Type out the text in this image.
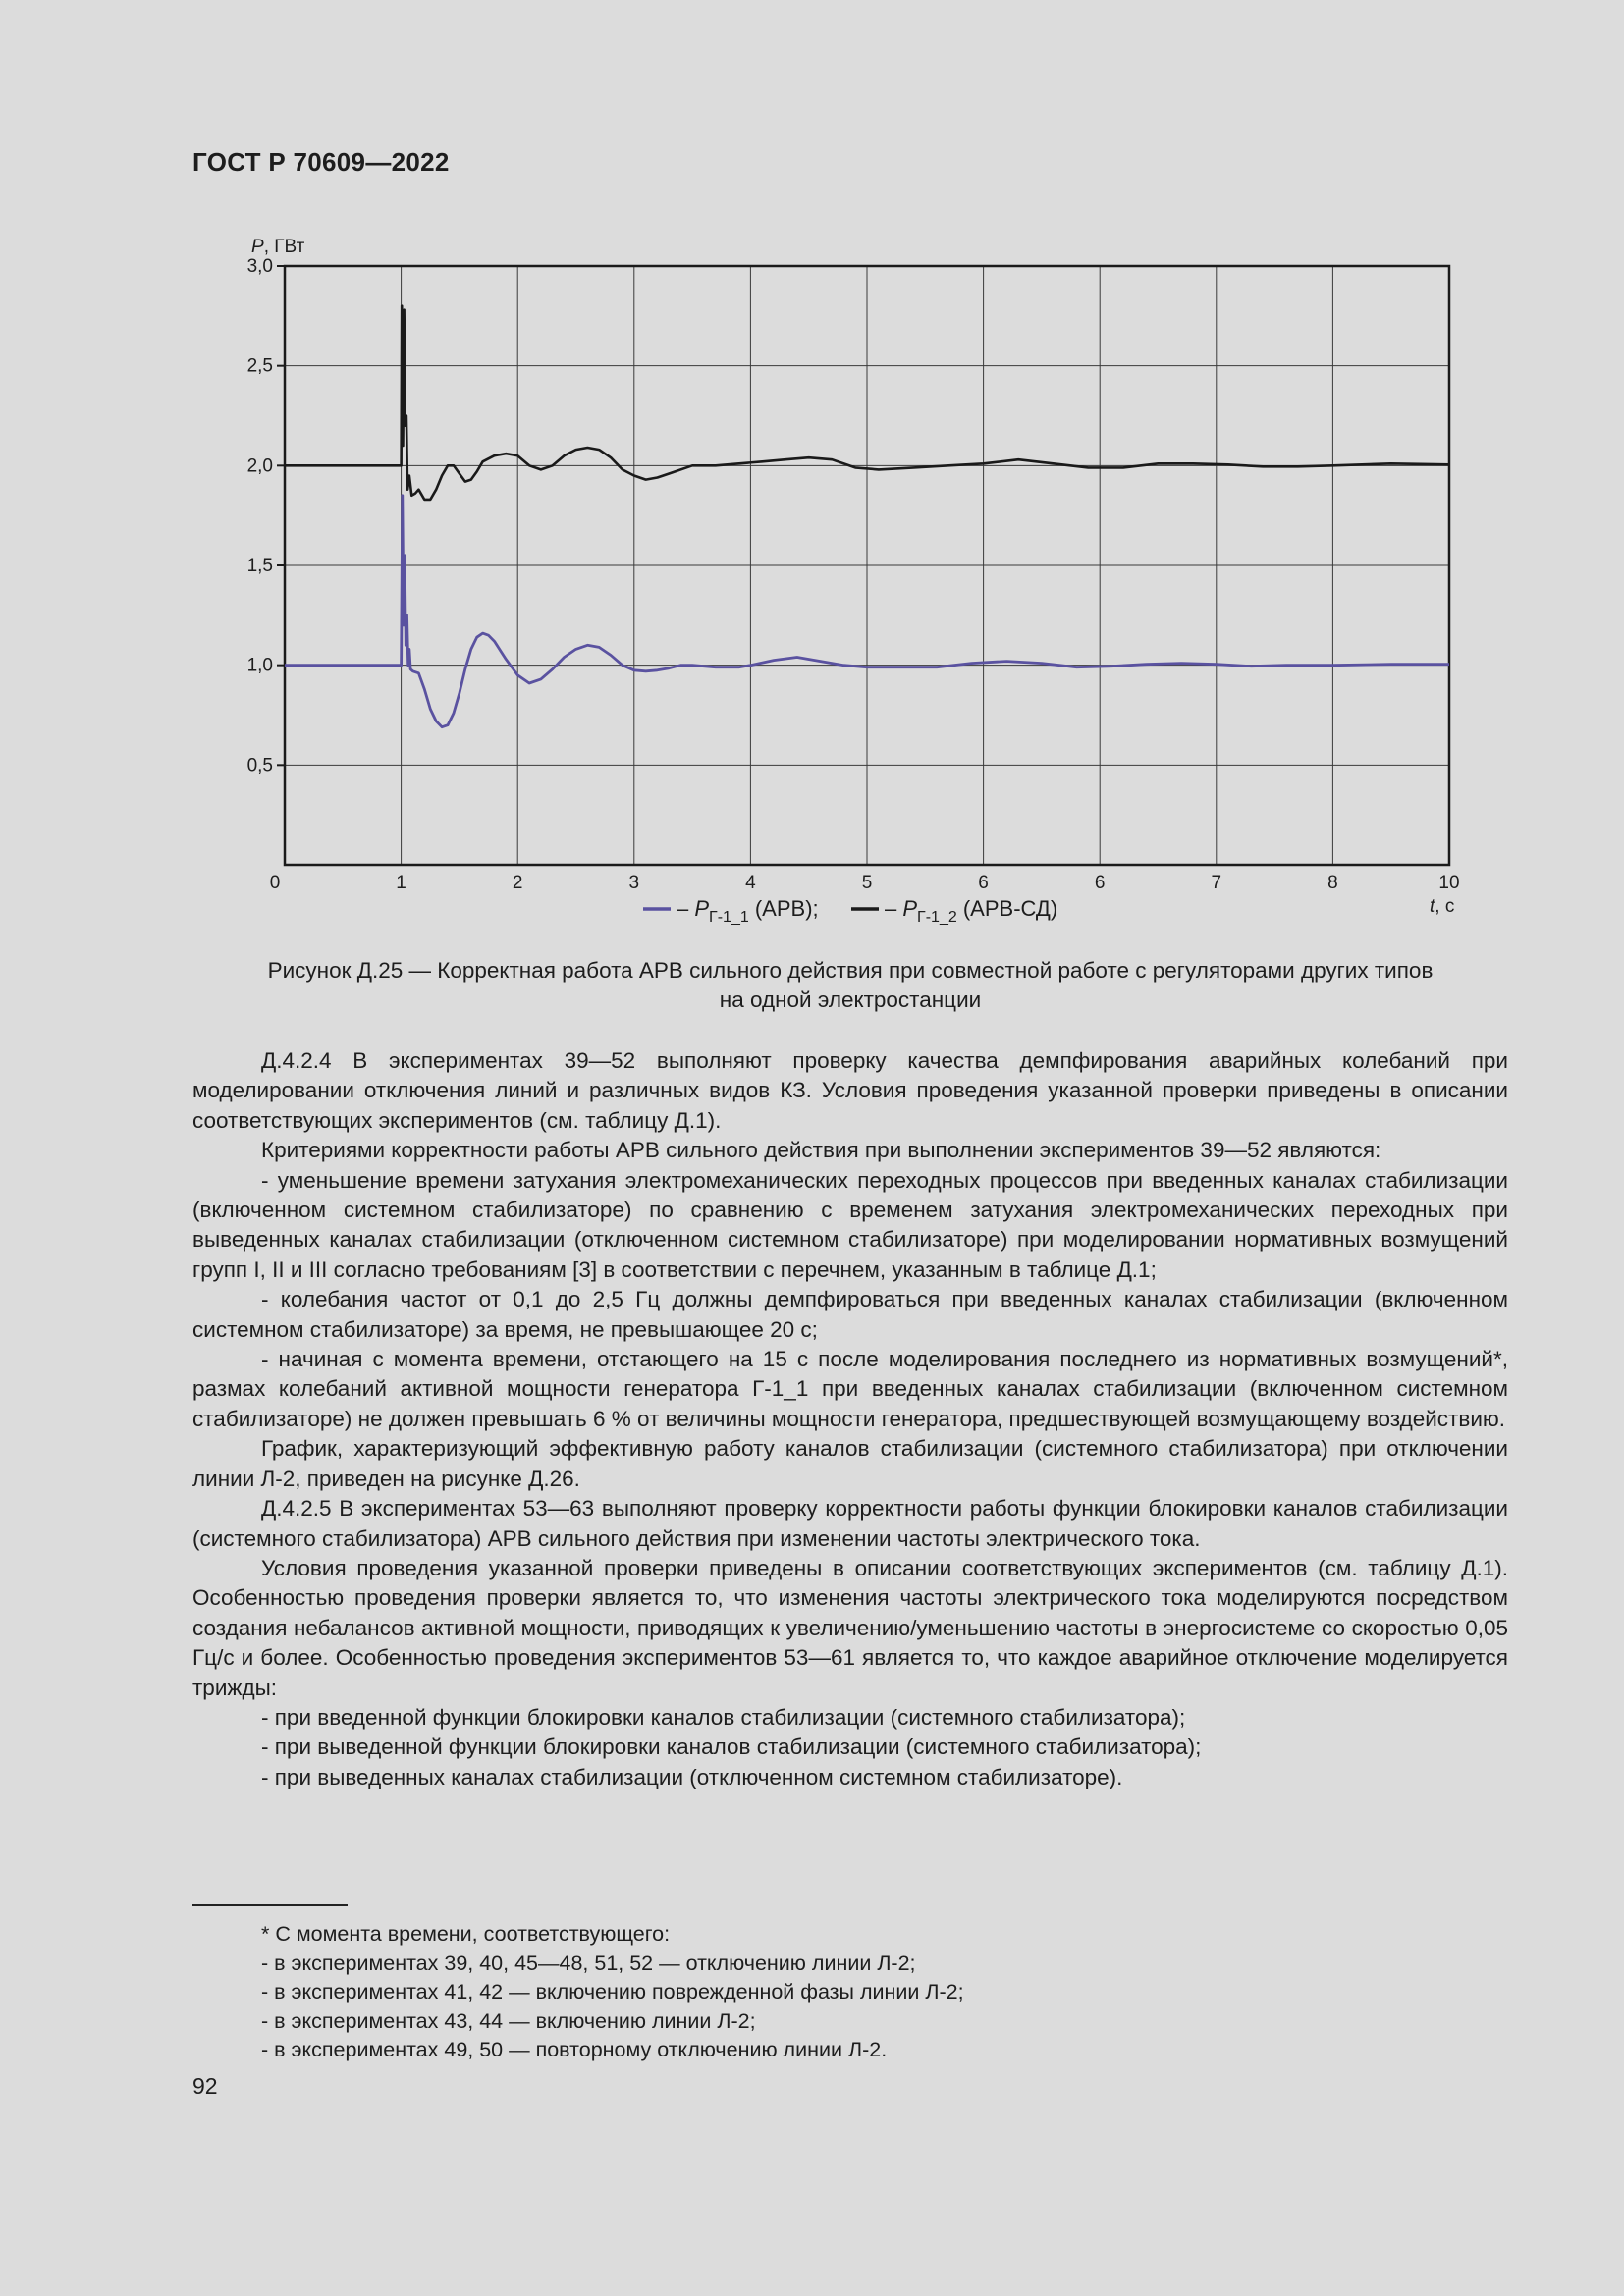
ГОСТ Р 70609—2022
3,0
2,5
2,0
1,5
1,0
0,5
0	1	2	3	4	5	6	6	7	8	10
P, ГВт
t, с
– $P_{Г-1\_1}$ (АРВ);	– $P_{Г-1\_2}$ (АРВ-СД)
Рисунок Д.25 — Корректная работа АРВ сильного действия при совместной работе с регуляторами других типов
на одной электростанции

Д.4.2.4 В экспериментах 39—52 выполняют проверку качества демпфирования аварийных колебаний при моделировании отключения линий и различных видов КЗ. Условия проведения указанной проверки приведены в описании соответствующих экспериментов (см. таблицу Д.1).

Критериями корректности работы АРВ сильного действия при выполнении экспериментов 39—52 являются:

- уменьшение времени затухания электромеханических переходных процессов при введенных каналах стабилизации (включенном системном стабилизаторе) по сравнению с временем затухания электромеханических переходных при выведенных каналах стабилизации (отключенном системном стабилизаторе) при моделировании нормативных возмущений групп I, II и III согласно требованиям [3] в соответствии с перечнем, указанным в таблице Д.1;

- колебания частот от 0,1 до 2,5 Гц должны демпфироваться при введенных каналах стабилизации (включенном системном стабилизаторе) за время, не превышающее 20 с;

- начиная с момента времени, отстающего на 15 с после моделирования последнего из нормативных возмущений*, размах колебаний активной мощности генератора Г-1_1 при введенных каналах стабилизации (включенном системном стабилизаторе) не должен превышать 6 % от величины мощности генератора, предшествующей возмущающему воздействию.

График, характеризующий эффективную работу каналов стабилизации (системного стабилизатора) при отключении линии Л-2, приведен на рисунке Д.26.

Д.4.2.5 В экспериментах 53—63 выполняют проверку корректности работы функции блокировки каналов стабилизации (системного стабилизатора) АРВ сильного действия при изменении частоты электрического тока.

Условия проведения указанной проверки приведены в описании соответствующих экспериментов (см. таблицу Д.1). Особенностью проведения проверки является то, что изменения частоты электрического тока моделируются посредством создания небалансов активной мощности, приводящих к увеличению/уменьшению частоты в энергосистеме со скоростью 0,05 Гц/с и более. Особенностью проведения экспериментов 53—61 является то, что каждое аварийное отключение моделируется трижды:

- при введенной функции блокировки каналов стабилизации (системного стабилизатора);

- при выведенной функции блокировки каналов стабилизации (системного стабилизатора);

- при выведенных каналах стабилизации (отключенном системном стабилизаторе).

* С момента времени, соответствующего:
- в экспериментах 39, 40, 45—48, 51, 52 — отключению линии Л-2;
- в экспериментах 41, 42 — включению поврежденной фазы линии Л-2;
- в экспериментах 43, 44 — включению линии Л-2;
- в экспериментах 49, 50 — повторному отключению линии Л-2.
92
